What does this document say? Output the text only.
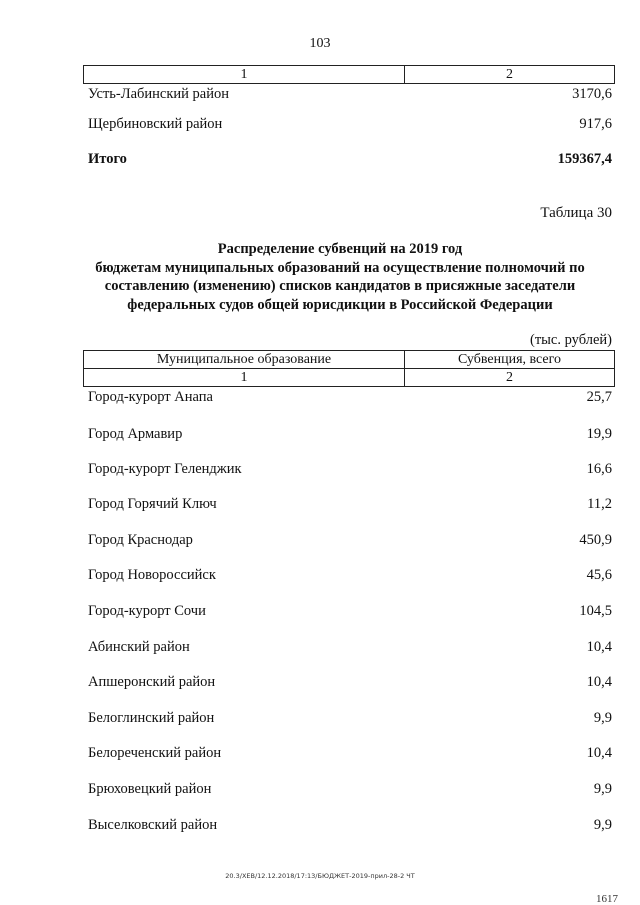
103
1	2
Усть-Лабинский район	3170,6
Щербиновский район	917,6
Итого	159367,4
Таблица 30
Распределение субвенций на 2019 год
бюджетам муниципальных образований на осуществление полномочий по
составлению (изменению) списков кандидатов в присяжные заседатели
федеральных судов общей юрисдикции в Российской Федерации
(тыс. рублей)
Муниципальное образование	Субвенция, всего
1	2
Город-курорт Анапа	25,7
Город Армавир	19,9
Город-курорт Геленджик	16,6
Город Горячий Ключ	11,2
Город Краснодар	450,9
Город Новороссийск	45,6
Город-курорт Сочи	104,5
Абинский район	10,4
Апшеронский район	10,4
Белоглинский район	9,9
Белореченский район	10,4
Брюховецкий район	9,9
Выселковский район	9,9
20.3/ХЕВ/12.12.2018/17:13/БЮДЖЕТ-2019-прил-28-2 ЧТ
1617
